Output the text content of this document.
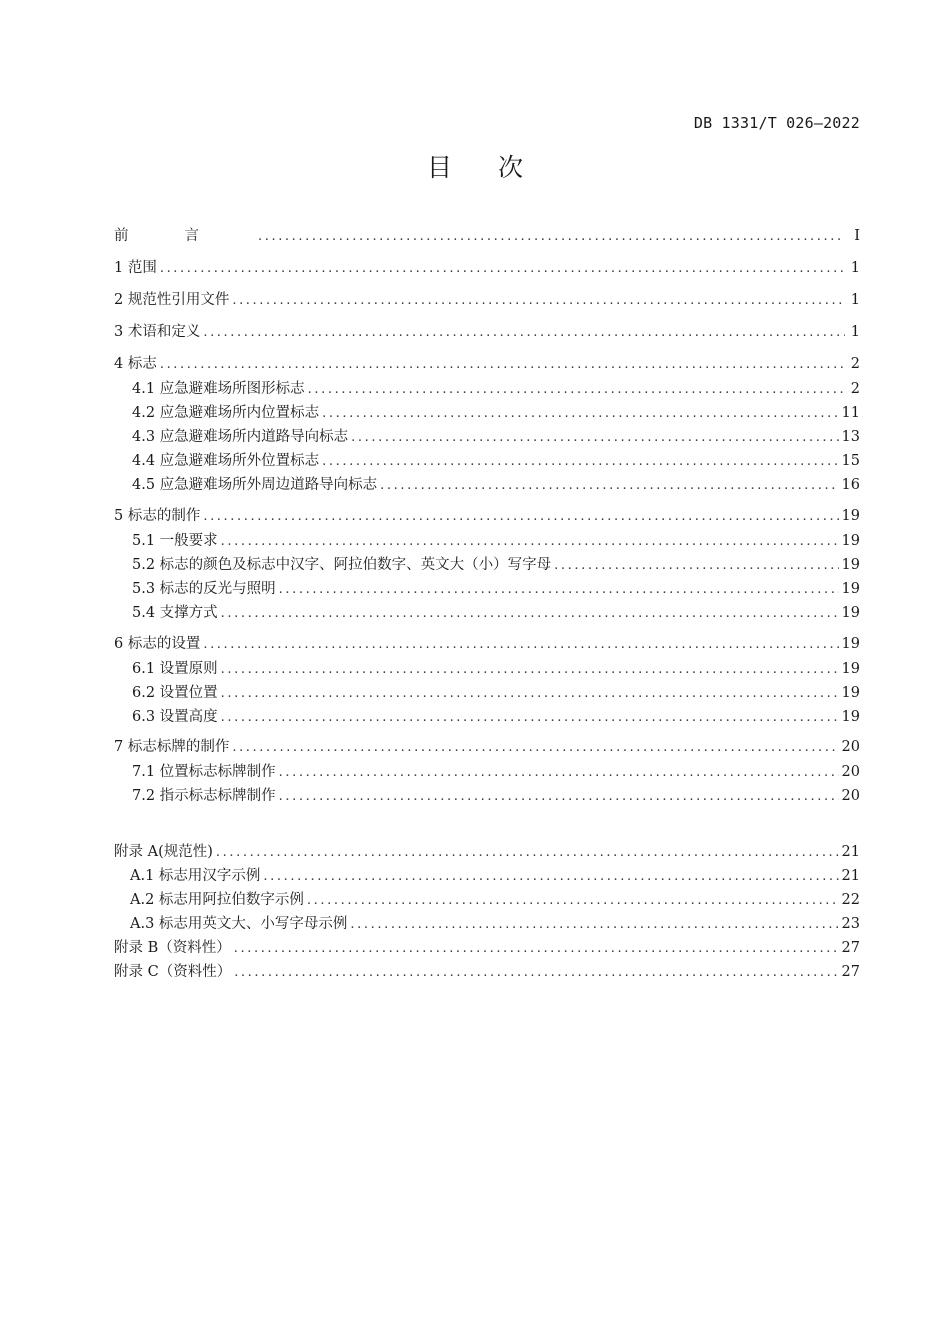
DB 1331/T 026—2022
目次
前言 .....	I
1 范围 .....	1
2 规范性引用文件 .....	1
3 术语和定义 .....	1
4 标志 .....	2
4.1 应急避难场所图形标志 .....	2
4.2 应急避难场所内位置标志 .....	11
4.3 应急避难场所内道路导向标志 .....	13
4.4 应急避难场所外位置标志 .....	15
4.5 应急避难场所外周边道路导向标志 .....	16
5 标志的制作 .....	19
5.1 一般要求 .....	19
5.2 标志的颜色及标志中汉字、阿拉伯数字、英文大（小）写字母 .....	19
5.3 标志的反光与照明 .....	19
5.4 支撑方式 .....	19
6 标志的设置 .....	19
6.1 设置原则 .....	19
6.2 设置位置 .....	19
6.3 设置高度 .....	19
7 标志标牌的制作 .....	20
7.1 位置标志标牌制作 .....	20
7.2 指示标志标牌制作 .....	20
附录 A(规范性) .....	21
A.1 标志用汉字示例 .....	21
A.2 标志用阿拉伯数字示例 .....	22
A.3 标志用英文大、小写字母示例 .....	23
附录 B（资料性） .....	27
附录 C（资料性） .....	27
